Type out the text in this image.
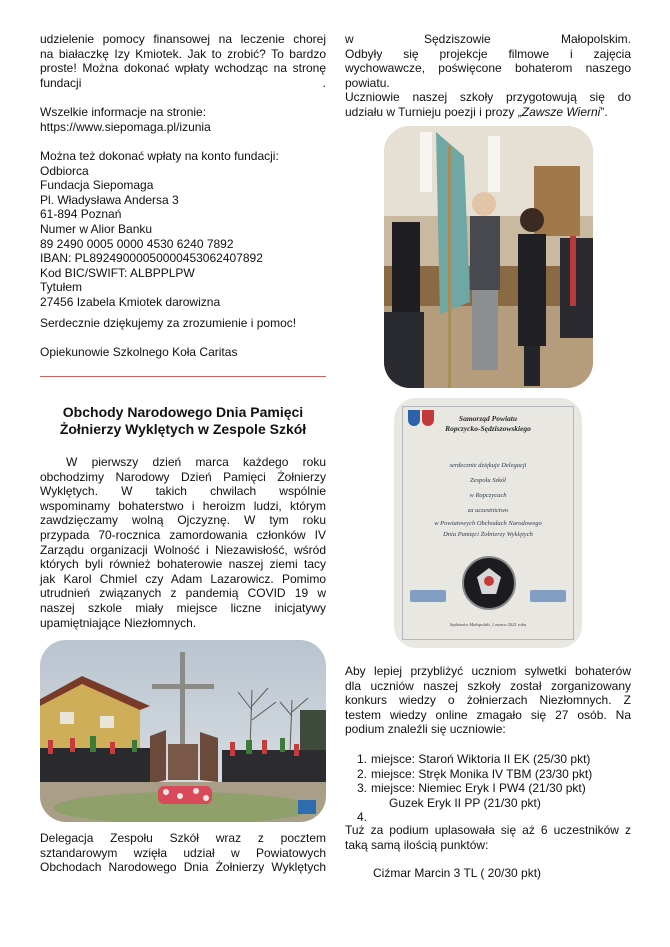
udzielenie pomocy finansowej na leczenie chorej
na białaczkę Izy Kmiotek. Jak to zrobić? To bardzo
proste! Można dokonać wpłaty wchodząc na stronę
fundacji	.
Wszelkie informacje na stronie:
https://www.siepomaga.pl/izunia
Można też dokonać wpłaty na konto fundacji:
Odbiorca
Fundacja Siepomaga
Pl. Władysława Andersa 3
61-894 Poznań
Numer w Alior Banku
89 2490 0005 0000 4530 6240 7892
IBAN: PL89249000050000453062407892
Kod BIC/SWIFT: ALBPPLPW
Tytułem
27456 Izabela Kmiotek darowizna
Serdecznie dziękujemy za zrozumienie i pomoc!
Opiekunowie Szkolnego Koła Caritas
Obchody Narodowego Dnia Pamięci
Żołnierzy Wyklętych w Zespole Szkół
W pierwszy dzień marca każdego roku
obchodzimy Narodowy Dzień Pamięci Żołnierzy
Wyklętych. W takich chwilach wspólnie
wspominamy bohaterstwo i heroizm ludzi, którym
zawdzięczamy wolną Ojczyznę. W tym roku
przypada 70-rocznica zamordowania członków IV
Zarządu organizacji Wolność i Niezawisłość, wśród
których byli również bohaterowie naszej ziemi tacy
jak Karol Chmiel czy Adam Lazarowicz. Pomimo
utrudnień związanych z pandemią COVID 19 w
naszej szkole miały miejsce liczne inicjatywy
upamiętniające Niezłomnych.
Delegacja Zespołu Szkół wraz z pocztem
sztandarowym wzięła udział w Powiatowych
Obchodach Narodowego Dnia Żołnierzy Wyklętych
w Sędziszowie Małopolskim.
Odbyły się projekcje filmowe i zajęcia
wychowawcze, poświęcone bohaterom naszego
powiatu.
Uczniowie naszej szkoły przygotowują się do
udziału w Turnieju poezji i prozy „Zawsze Wierni”.
Samorząd Powiatu
Ropczycko-Sędziszowskiego
serdecznie dziękuje Delegacji
Zespołu Szkół
w Ropczycach
za uczestnictwo
w Powiatowych Obchodach Narodowego
Dnia Pamięci Żołnierzy Wyklętych
Sędziszów Małopolski, 1 marca 2021 roku
Aby lepiej przybliżyć uczniom sylwetki bohaterów
dla uczniów naszej szkoły został zorganizowany
konkurs wiedzy o żołnierzach Niezłomnych. Z
testem wiedzy online zmagało się 27 osób. Na
podium znaleźli się uczniowie:
1. miejsce: Staroń Wiktoria II EK (25/30 pkt)
2. miejsce: Stręk Monika IV TBM (23/30 pkt)
3. miejsce: Niemiec Eryk I PW4 (21/30 pkt)
Guzek Eryk II PP (21/30 pkt)
4.
Tuż za podium uplasowała się aż 6 uczestników z
taką samą ilością punktów:
Ciźmar Marcin 3 TL ( 20/30 pkt)
